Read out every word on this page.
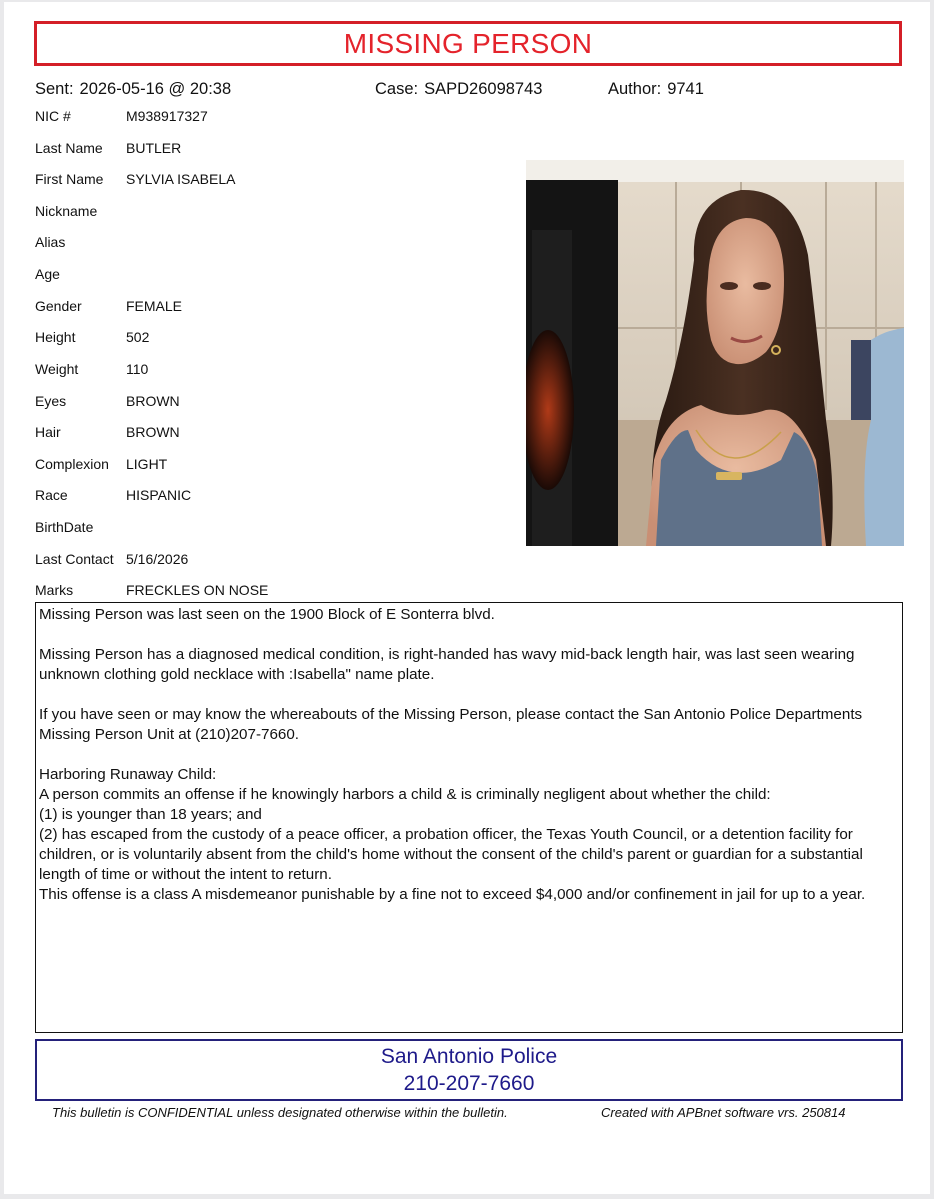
MISSING PERSON
Sent: 2026-05-16 @ 20:38	Case: SAPD26098743	Author: 9741
NIC #	M938917327
Last Name BUTLER
First Name SYLVIA ISABELA
Nickname
Alias
Age
Gender	FEMALE
Height	502
Weight	110
Eyes	BROWN
Hair	BROWN
Complexion LIGHT
Race	HISPANIC
BirthDate
Last Contact 5/16/2026
Marks	FRECKLES ON NOSE

Missing Person was last seen on the 1900 Block of E Sonterra blvd.

Missing Person has a diagnosed medical condition, is right-handed has wavy mid-back length hair, was last seen wearing unknown clothing gold necklace with :Isabella" name plate.

If you have seen or may know the whereabouts of the Missing Person, please contact the San Antonio Police Departments Missing Person Unit at (210)207-7660.

Harboring Runaway Child:

A person commits an offense if he knowingly harbors a child & is criminally negligent about whether the child:

(1) is younger than 18 years; and

(2) has escaped from the custody of a peace officer, a probation officer, the Texas Youth Council, or a detention facility for children, or is voluntarily absent from the child's home without the consent of the child's parent or guardian for a substantial length of time or without the intent to return.

This offense is a class A misdemeanor punishable by a fine not to exceed $4,000 and/or confinement in jail for up to a year.

San Antonio Police
210-207-7660
This bulletin is CONFIDENTIAL unless designated otherwise within the bulletin.	Created with APBnet software vrs. 250814
